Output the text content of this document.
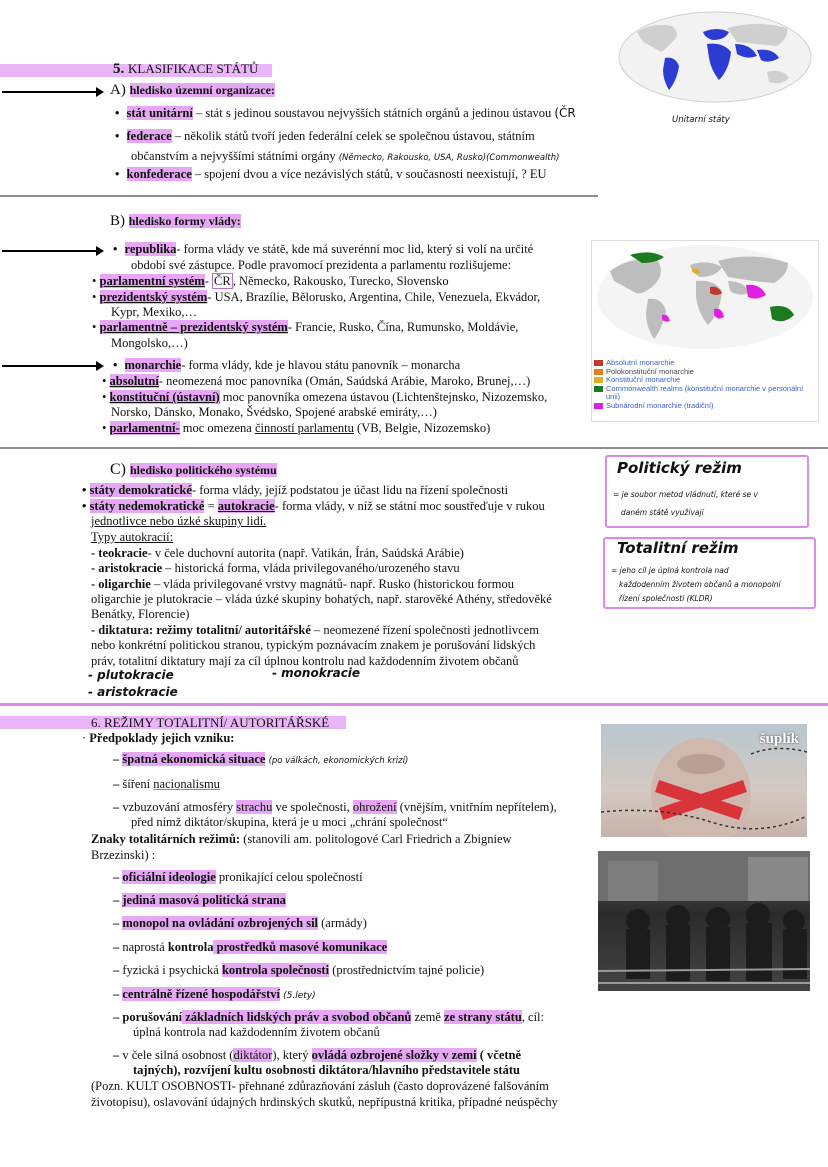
5. KLASIFIKACE STÁTŮ
A) hledisko územní organizace:
• stát unitární – stát s jedinou soustavou nejvyšších státních orgánů a jedinou ústavou (ČR
• federace – několik států tvoří jeden federální celek se společnou ústavou, státním
občanstvím a nejvyššími státními orgány (Německo, Rakousko, USA, Rusko)(Commonwealth)
• konfederace – spojení dvou a více nezávislých států, v současnosti neexistují, ? EU
Unitarní státy
B) hledisko formy vlády:
• republika- forma vlády ve státě, kde má suverénní moc lid, který si volí na určité
období své zástupce. Podle pravomocí prezidenta a parlamentu rozlišujeme:
• parlamentní systém- ČR , Německo, Rakousko, Turecko, Slovensko
• prezidentský systém- USA, Brazílie, Bělorusko, Argentina, Chile, Venezuela, Ekvádor,
Kypr, Mexiko,…
• parlamentně – prezidentský systém- Francie, Rusko, Čína, Rumunsko, Moldávie,
Mongolsko,…)
• monarchie- forma vlády, kde je hlavou státu panovník – monarcha
• absolutní- neomezená moc panovníka (Omán, Saúdská Arábie, Maroko, Brunej,…)
• konstituční (ústavní) moc panovníka omezena ústavou (Lichtenštejnsko, Nizozemsko,
Norsko, Dánsko, Monako, Švédsko, Spojené arabské emiráty,…)
• parlamentní- moc omezena činností parlamentu (VB, Belgie, Nizozemsko)
Absolutní monarchie
Polokonstituční monarchie
Konstituční monarchie
Commonwealth realms (konstituční monarchie v personální unii)
Subnárodní monarchie (tradiční)
C) hledisko politického systému
• státy demokratické- forma vlády, jejíž podstatou je účast lidu na řízení společnosti
• státy nedemokratické = autokracie- forma vlády, v níž se státní moc soustřeďuje v rukou
jednotlivce nebo úzké skupiny lidí.
Typy autokracií:
- teokracie- v čele duchovní autorita (např. Vatikán, Írán, Saúdská Arábie)
- aristokracie – historická forma, vláda privilegovaného/urozeného stavu
- oligarchie – vláda privilegované vrstvy magnátů- např. Rusko (historickou formou
oligarchie je plutokracie – vláda úzké skupiny bohatých, např. starověké Athény, středověké
Benátky, Florencie)
- diktatura: režimy totalitní/ autoritářské – neomezené řízení společnosti jednotlivcem
nebo konkrétní politickou stranou, typickým poznávacím znakem je porušování lidských
práv, totalitní diktatury mají za cíl úplnou kontrolu nad každodenním životem občanů
- plutokracie	- monokracie
- aristokracie
Politický režim
= je soubor metod vládnutí, které se v
daném státě využívají
Totalitní režim
= jeho cíl je úplná kontrola nad
každodenním životem občanů a monopolní
řízení společnosti (KLDR)
6. REŽIMY TOTALITNÍ/ AUTORITÁŘSKÉ
· Předpoklady jejich vzniku:
– špatná ekonomická situace (po válkách, ekonomických krizí)
– šíření nacionalismu
– vzbuzování atmosféry strachu ve společnosti, ohrožení (vnějším, vnitřním nepřítelem),
před nímž diktátor/skupina, která je u moci „chrání společnost“
Znaky totalitárních režimů: (stanovili am. politologové Carl Friedrich a Zbigniew
Brzezinski) :
– oficiální ideologie pronikající celou společností
– jediná masová politická strana
– monopol na ovládání ozbrojených sil (armády)
– naprostá kontrola prostředků masové komunikace
– fyzická i psychická kontrola společnosti (prostřednictvím tajné policie)
– centrálně řízené hospodářství (5.lety)
– porušování základních lidských práv a svobod občanů země ze strany státu, cíl:
úplná kontrola nad každodenním životem občanů
– v čele silná osobnost (diktátor), který ovládá ozbrojené složky v zemi ( včetně
tajných), rozvíjení kultu osobnosti diktátora/hlavního představitele státu
(Pozn. KULT OSOBNOSTI- přehnané zdůrazňování zásluh (často doprovázené falšováním
životopisu), oslavování údajných hrdinských skutků, nepřípustná kritika, případné neúspěchy
šuplík
